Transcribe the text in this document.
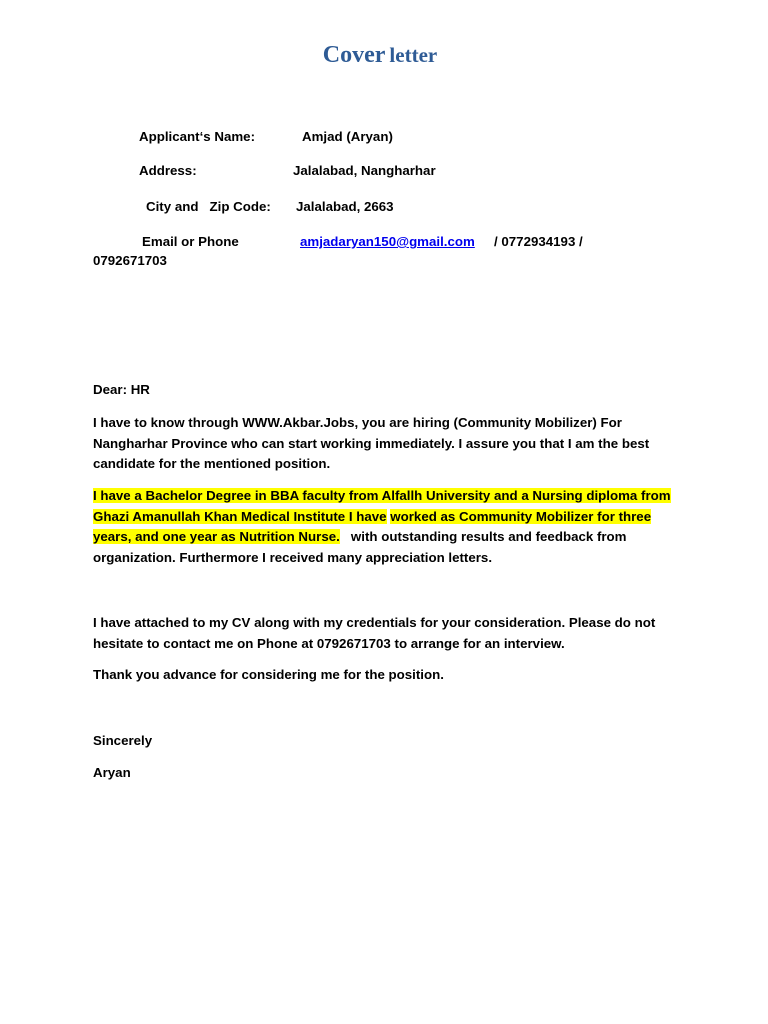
Cover letter
Applicant‘s Name:	Amjad (Aryan)
Address:	Jalalabad, Nangharhar
City and   Zip Code: Jalalabad, 2663
Email or Phone	amjadaryan150@gmail.com / 0772934193 /
0792671703
Dear: HR
I have to know through WWW.Akbar.Jobs, you are hiring (Community Mobilizer) For Nangharhar Province who can start working immediately. I assure you that I am the best candidate for the mentioned position.
I have a Bachelor Degree in BBA faculty from Alfallh University and a Nursing diploma from Ghazi Amanullah Khan Medical Institute I have worked as Community Mobilizer for three years, and one year as Nutrition Nurse. with outstanding results and feedback from organization. Furthermore I received many appreciation letters.
I have attached to my CV along with my credentials for your consideration. Please do not hesitate to contact me on Phone at 0792671703 to arrange for an interview.
Thank you advance for considering me for the position.
Sincerely
Aryan
